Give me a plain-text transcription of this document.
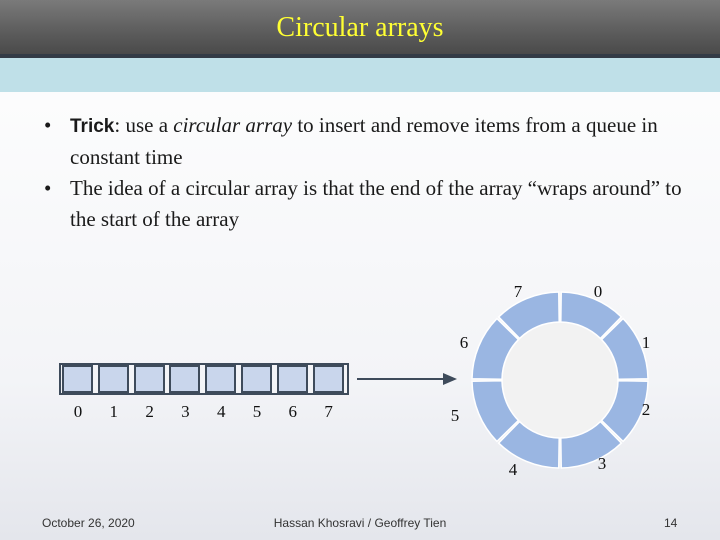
Circular arrays
• Trick: use a circular array to insert and remove items from a queue in constant time
• The idea of a circular array is that the end of the array “wraps around” to the start of the array
0	1	2	3	4	5	6	7
0
1
2
3
4
5
6
7
October 26, 2020	Hassan Khosravi / Geoffrey Tien	14
